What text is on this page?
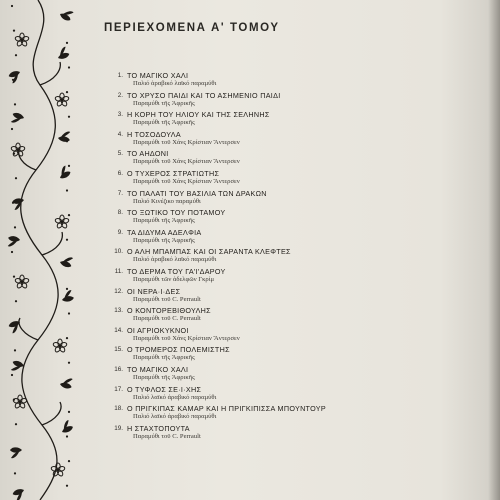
ΠΕΡΙΕΧΟΜΕΝΑ Α' ΤΟΜΟΥ
1. ΤΟ ΜΑΓΙΚΟ ΧΑΛΙ
Παλιό ἀραβικό λαϊκό παραμύθι
2. ΤΟ ΧΡΥΣΟ ΠΑΙΔΙ ΚΑΙ ΤΟ ΑΣΗΜΕΝΙΟ ΠΑΙΔΙ
Παραμύθι τῆς Ἀφρικῆς
3. Η ΚΟΡΗ ΤΟΥ ΗΛΙΟΥ ΚΑΙ ΤΗΣ ΣΕΛΗΝΗΣ
Παραμύθι τῆς Ἀφρικῆς
4. Η ΤΟΣΟΔΟΥΛΑ
Παραμύθι τοῦ Χάνς Κρίστιαν Ἄντερσεν
5. ΤΟ ΑΗΔΟΝΙ
Παραμύθι τοῦ Χάνς Κρίστιαν Ἄντερσεν
6. Ο ΤΥΧΕΡΟΣ ΣΤΡΑΤΙΩΤΗΣ
Παραμύθι τοῦ Χάνς Κρίστιαν Ἄντερσεν
7. ΤΟ ΠΑΛΑΤΙ ΤΟΥ ΒΑΣΙΛΙΑ ΤΩΝ ΔΡΑΚΩΝ
Παλιό Κινέζικο παραμύθι
8. ΤΟ ΞΩΤΙΚΟ ΤΟΥ ΠΟΤΑΜΟΥ
Παραμύθι τῆς Ἀφρικῆς
9. ΤΑ ΔΙΔΥΜΑ ΑΔΕΛΦΙΑ
Παραμύθι τῆς Ἀφρικῆς
10. Ο ΑΛΗ ΜΠΑΜΠΑΣ ΚΑΙ ΟΙ ΣΑΡΑΝΤΑ ΚΛΕΦΤΕΣ
Παλιό ἀραβικό λαϊκό παραμύθι
11. ΤΟ ΔΕΡΜΑ ΤΟΥ ΓΑ'Ι'ΔΑΡΟΥ
Παραμύθι τῶν ἀδελφῶν Γκρίμ
12. ΟΙ ΝΕΡΑ·Ι·ΔΕΣ
Παραμύθι τοῦ C. Perrault
13. Ο ΚΟΝΤΟΡΕΒΙΘΟΥΛΗΣ
Παραμύθι τοῦ C. Perrault
14. ΟΙ ΑΓΡΙΟΚΥΚΝΟΙ
Παραμύθι τοῦ Χάνς Κρίστιαν Ἄντερσεν
15. Ο ΤΡΟΜΕΡΟΣ ΠΟΛΕΜΙΣΤΗΣ
Παραμύθι τῆς Ἀφρικῆς
16. ΤΟ ΜΑΓΙΚΟ ΧΑΛΙ
Παραμύθι τῆς Ἀφρικῆς
17. Ο ΤΥΦΛΟΣ ΣΕ·Ι·ΧΗΣ
Παλιό λαϊκό ἀραβικό παραμύθι
18. Ο ΠΡΙΓΚΙΠΑΣ ΚΑΜΑΡ ΚΑΙ Η ΠΡΙΓΚΙΠΙΣΣΑ ΜΠΟΥΝΤΟΥΡ
Παλιό λαϊκό ἀραβικό παραμύθι
19. Η ΣΤΑΧΤΟΠΟΥΤΑ
Παραμύθι τοῦ C. Perrault
